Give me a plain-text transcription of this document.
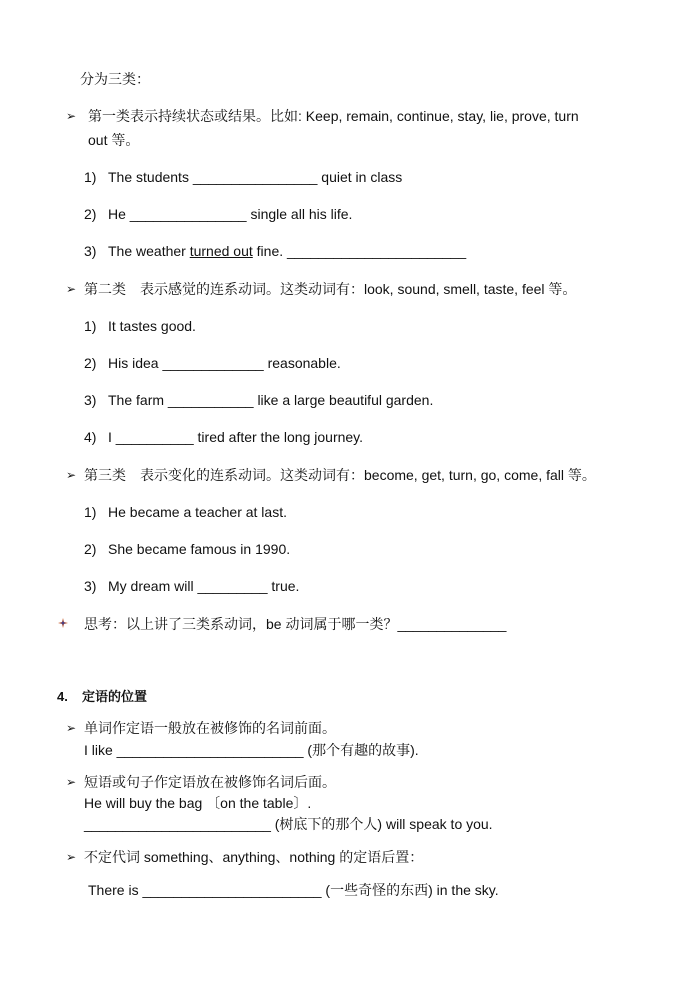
分为三类：
➢ 第一类表示持续状态或结果。比如: Keep, remain, continue, stay, lie, prove, turn
out 等。
1) The students ________________ quiet in class
2) He _______________ single all his life.
3) The weather turned out fine. _______________________
➢ 第二类　表示感觉的连系动词。这类动词有：look, sound, smell, taste, feel 等。
1) It tastes good.
2) His idea _____________ reasonable.
3) The farm ___________ like a large beautiful garden.
4) I __________ tired after the long journey.
➢ 第三类　表示变化的连系动词。这类动词有：become, get, turn, go, come, fall 等。
1) He became a teacher at last.
2) She became famous in 1990.
3) My dream will _________ true.
思考：以上讲了三类系动词，be 动词属于哪一类？______________
4. 定语的位置
➢ 单词作定语一般放在被修饰的名词前面。
I like ________________________ (那个有趣的故事).
➢ 短语或句子作定语放在被修饰名词后面。
He will buy the bag 〔on the table〕.
________________________ (树底下的那个人) will speak to you.
➢ 不定代词 something、anything、nothing 的定语后置：
There is _______________________ (一些奇怪的东西) in the sky.
